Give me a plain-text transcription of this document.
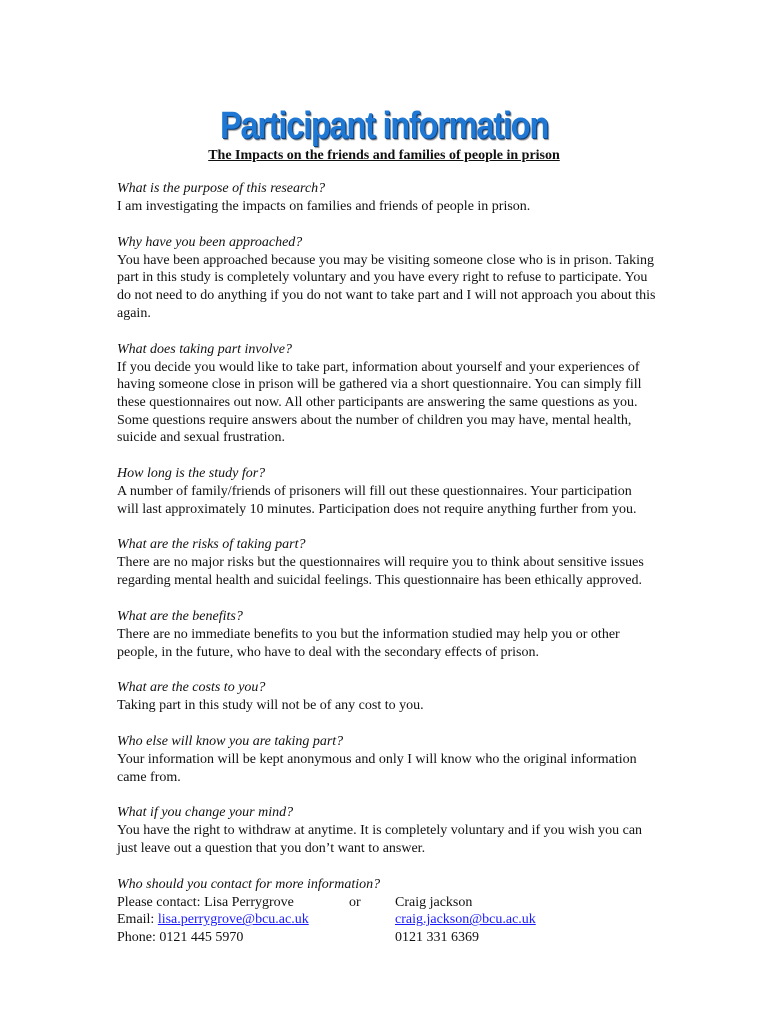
Participant information
The Impacts on the friends and families of people in prison
What is the purpose of this research?
I am investigating the impacts on families and friends of people in prison.
Why have you been approached?
You have been approached because you may be visiting someone close who is in prison. Taking part in this study is completely voluntary and you have every right to refuse to participate. You do not need to do anything if you do not want to take part and I will not approach you about this again.
What does taking part involve?
If you decide you would like to take part, information about yourself and your experiences of having someone close in prison will be gathered via a short questionnaire. You can simply fill these questionnaires out now. All other participants are answering the same questions as you. Some questions require answers about the number of children you may have, mental health, suicide and sexual frustration.
How long is the study for?
A number of family/friends of prisoners will fill out these questionnaires. Your participation will last approximately 10 minutes. Participation does not require anything further from you.
What are the risks of taking part?
There are no major risks but the questionnaires will require you to think about sensitive issues regarding mental health and suicidal feelings. This questionnaire has been ethically approved.
What are the benefits?
There are no immediate benefits to you but the information studied may help you or other people, in the future, who have to deal with the secondary effects of prison.
What are the costs to you?
Taking part in this study will not be of any cost to you.
Who else will know you are taking part?
Your information will be kept anonymous and only I will know who the original information came from.
What if you change your mind?
You have the right to withdraw at anytime. It is completely voluntary and if you wish you can just leave out a question that you don’t want to answer.
Who should you contact for more information?
Please contact: Lisa Perrygrove	or Craig jackson
Email: lisa.perrygrove@bcu.ac.uk	craig.jackson@bcu.ac.uk
Phone: 0121 445 5970	0121 331 6369
